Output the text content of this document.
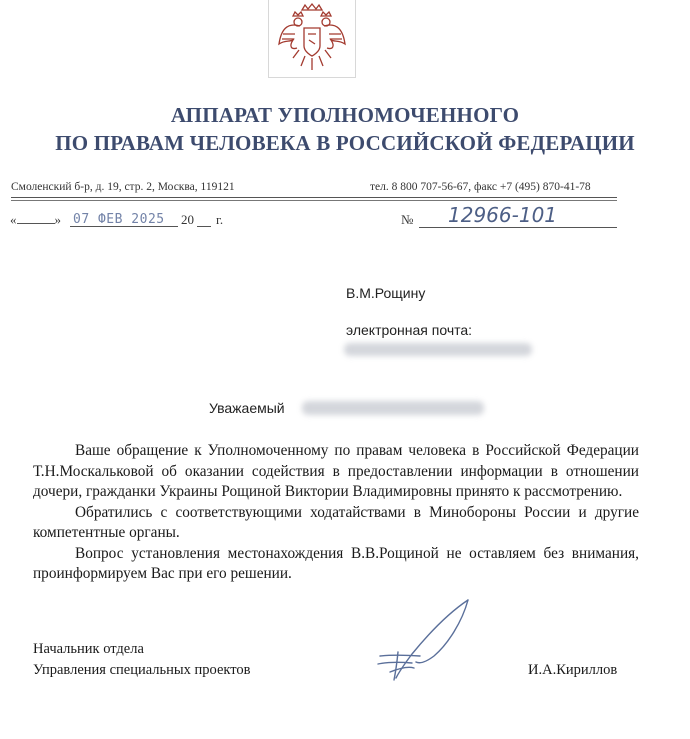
АППАРАТ УПОЛНОМОЧЕННОГО
ПО ПРАВАМ ЧЕЛОВЕКА В РОССИЙСКОЙ ФЕДЕРАЦИИ
Смоленский б-р, д. 19, стр. 2, Москва, 119121	тел. 8 800 707-56-67, факс +7 (495) 870-41-78
«	» 07 ФЕВ 2025 20 г.	№ 12966-101
В.М.Рощину
электронная почта:
Уважаемый

Ваше обращение к Уполномоченному по правам человека в Российской Федерации Т.Н.Москальковой об оказании содействия в предоставлении информации в отношении дочери, гражданки Украины Рощиной Виктории Владимировны принято к рассмотрению.

Обратились с соответствующими ходатайствами в Минобороны России и другие компетентные органы.

Вопрос установления местонахождения В.В.Рощиной не оставляем без внимания, проинформируем Вас при его решении.

Начальник отдела
Управления специальных проектов	И.А.Кириллов
